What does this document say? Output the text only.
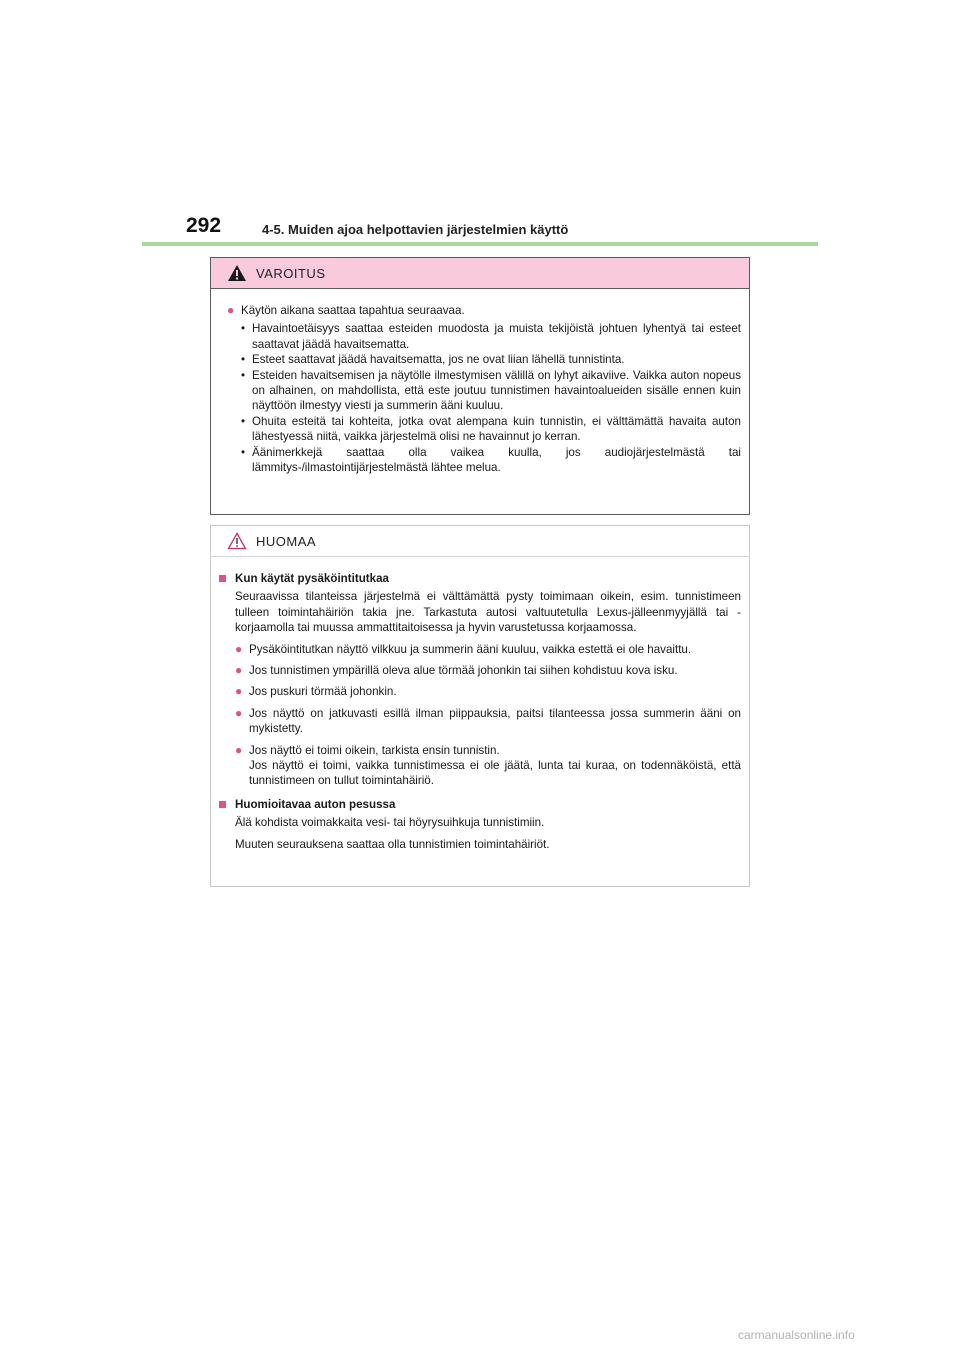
292	4-5. Muiden ajoa helpottavien järjestelmien käyttö
VAROITUS
● Käytön aikana saattaa tapahtua seuraavaa.
• Havaintoetäisyys saattaa esteiden muodosta ja muista tekijöistä johtuen lyhentyä tai esteet saattavat jäädä havaitsematta.
• Esteet saattavat jäädä havaitsematta, jos ne ovat liian lähellä tunnistinta.
• Esteiden havaitsemisen ja näytölle ilmestymisen välillä on lyhyt aikaviive. Vaikka auton nopeus on alhainen, on mahdollista, että este joutuu tunnistimen havaintoalueiden sisälle ennen kuin näyttöön ilmestyy viesti ja summerin ääni kuuluu.
• Ohuita esteitä tai kohteita, jotka ovat alempana kuin tunnistin, ei välttämättä havaita auton lähestyessä niitä, vaikka järjestelmä olisi ne havainnut jo kerran.
• Äänimerkkejä saattaa olla vaikea kuulla, jos audiojärjestelmästä tai lämmitys-/ilmastointijärjestelmästä lähtee melua.
HUOMAA
Kun käytät pysäköintitutkaa
Seuraavissa tilanteissa järjestelmä ei välttämättä pysty toimimaan oikein, esim. tunnistimeen tulleen toimintahäiriön takia jne. Tarkastuta autosi valtuutetulla Lexus-jälleenmyyjällä tai -korjaamolla tai muussa ammattitaitoisessa ja hyvin varustetussa korjaamossa.
● Pysäköintitutkan näyttö vilkkuu ja summerin ääni kuuluu, vaikka estettä ei ole havaittu.
● Jos tunnistimen ympärillä oleva alue törmää johonkin tai siihen kohdistuu kova isku.
● Jos puskuri törmää johonkin.
● Jos näyttö on jatkuvasti esillä ilman piippauksia, paitsi tilanteessa jossa summerin ääni on mykistetty.
● Jos näyttö ei toimi oikein, tarkista ensin tunnistin.
Jos näyttö ei toimi, vaikka tunnistimessa ei ole jäätä, lunta tai kuraa, on todennäköistä, että tunnistimeen on tullut toimintahäiriö.
Huomioitavaa auton pesussa
Älä kohdista voimakkaita vesi- tai höyrysuihkuja tunnistimiin.
Muuten seurauksena saattaa olla tunnistimien toimintahäiriöt.
carmanualsonline.info
